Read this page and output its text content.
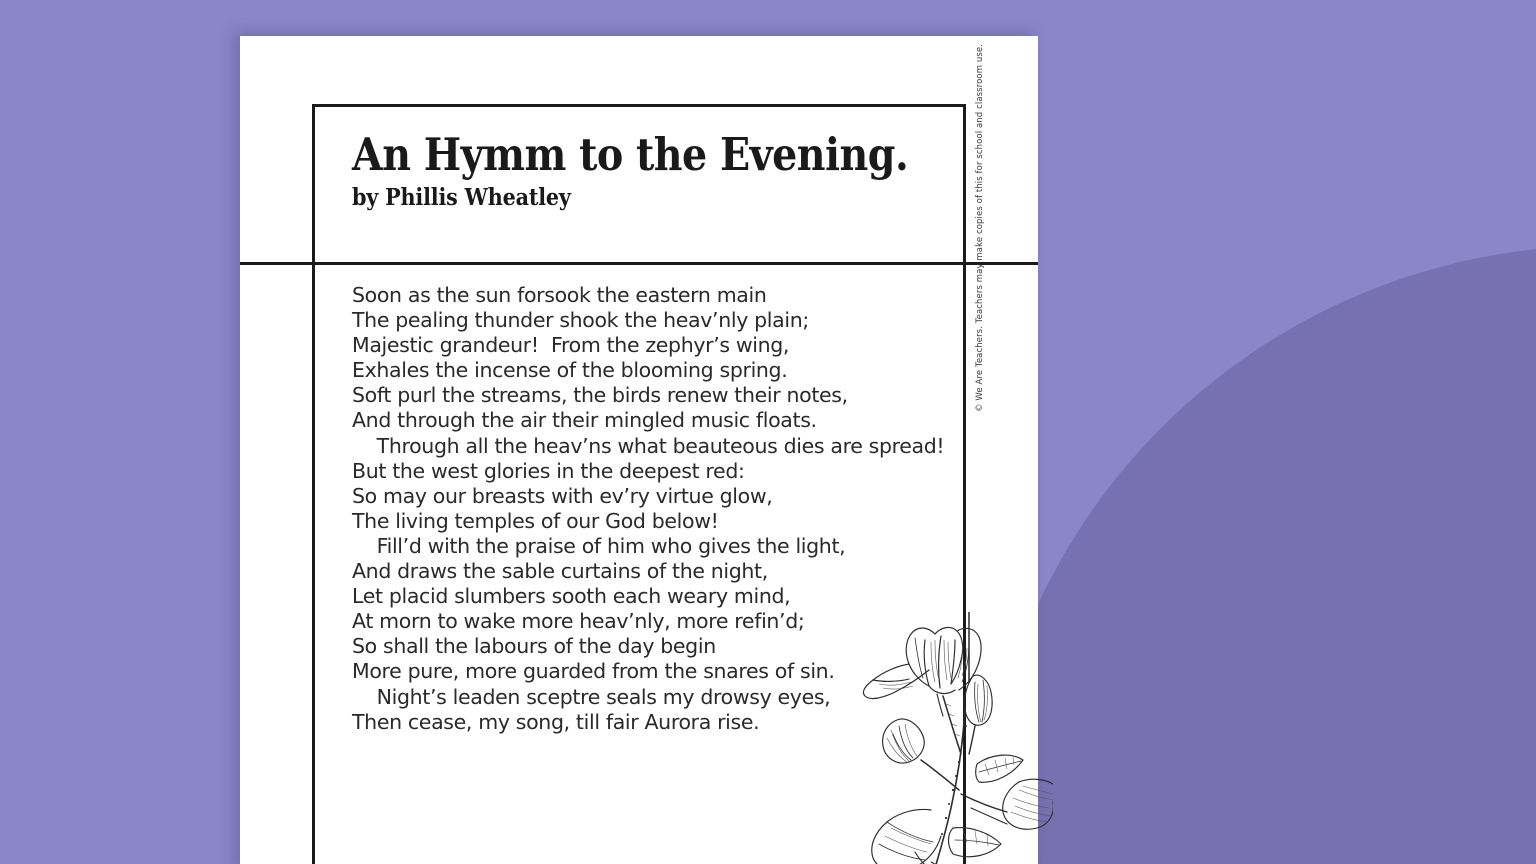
An Hymm to the Evening.
by Phillis Wheatley
Soon as the sun forsook the eastern main
The pealing thunder shook the heav’nly plain;
Majestic grandeur!  From the zephyr’s wing,
Exhales the incense of the blooming spring.
Soft purl the streams, the birds renew their notes,
And through the air their mingled music floats.
Through all the heav’ns what beauteous dies are spread!
But the west glories in the deepest red:
So may our breasts with ev’ry virtue glow,
The living temples of our God below!
Fill’d with the praise of him who gives the light,
And draws the sable curtains of the night,
Let placid slumbers sooth each weary mind,
At morn to wake more heav’nly, more refin’d;
So shall the labours of the day begin
More pure, more guarded from the snares of sin.
Night’s leaden sceptre seals my drowsy eyes,
Then cease, my song, till fair Aurora rise.
© We Are Teachers. Teachers may make copies of this for school and classroom use.
